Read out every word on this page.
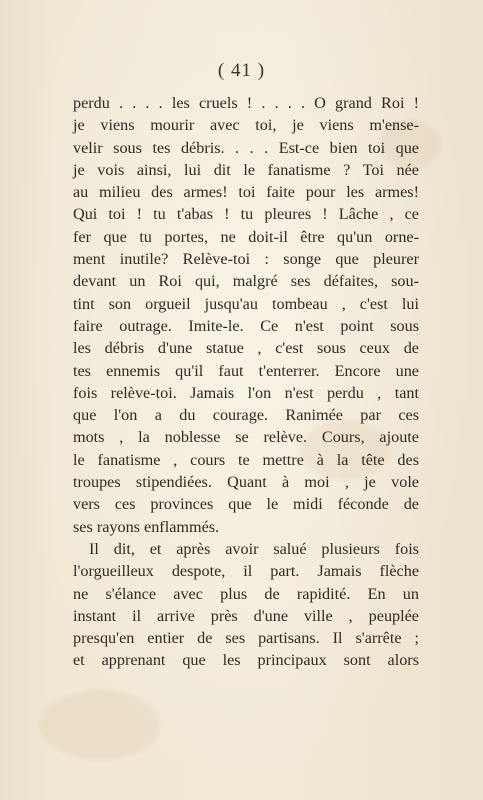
( 41 )
perdu . . . . les cruels ! . . . . O grand Roi !
je viens mourir avec toi, je viens m'ense-
velir sous tes débris. . . . Est-ce bien toi que
je vois ainsi, lui dit le fanatisme ? Toi née
au milieu des armes! toi faite pour les armes!
Qui toi ! tu t'abas ! tu pleures ! Lâche , ce
fer que tu portes, ne doit-il être qu'un orne-
ment inutile? Relève-toi : songe que pleurer
devant un Roi qui, malgré ses défaites, sou-
tint son orgueil jusqu'au tombeau , c'est lui
faire outrage. Imite-le. Ce n'est point sous
les débris d'une statue , c'est sous ceux de
tes ennemis qu'il faut t'enterrer. Encore une
fois relève-toi. Jamais l'on n'est perdu , tant
que l'on a du courage. Ranimée par ces
mots , la noblesse se relève. Cours, ajoute
le fanatisme , cours te mettre à la tête des
troupes stipendiées. Quant à moi , je vole
vers ces provinces que le midi féconde de
ses rayons enflammés.
Il dit, et après avoir salué plusieurs fois
l'orgueilleux despote, il part. Jamais flèche
ne s'élance avec plus de rapidité. En un
instant il arrive près d'une ville , peuplée
presqu'en entier de ses partisans. Il s'arrête ;
et apprenant que les principaux sont alors
